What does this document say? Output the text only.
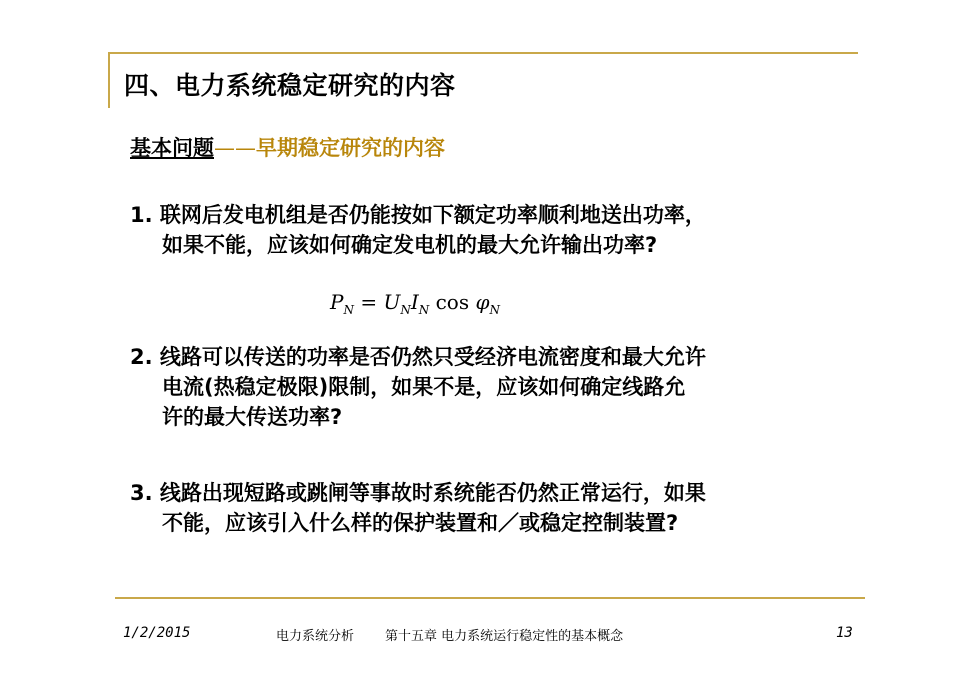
四、电力系统稳定研究的内容
基本问题——早期稳定研究的内容
1. 联网后发电机组是否仍能按如下额定功率顺利地送出功率，
如果不能，应该如何确定发电机的最大允许输出功率?
$P_N = U_NI_N$ $\cos \varphi_N$
2. 线路可以传送的功率是否仍然只受经济电流密度和最大允许
电流(热稳定极限)限制，如果不是，应该如何确定线路允
许的最大传送功率?
3. 线路出现短路或跳闸等事故时系统能否仍然正常运行，如果
不能，应该引入什么样的保护装置和／或稳定控制装置?
1/2/2015	电力系统分析 第十五章 电力系统运行稳定性的基本概念	13
